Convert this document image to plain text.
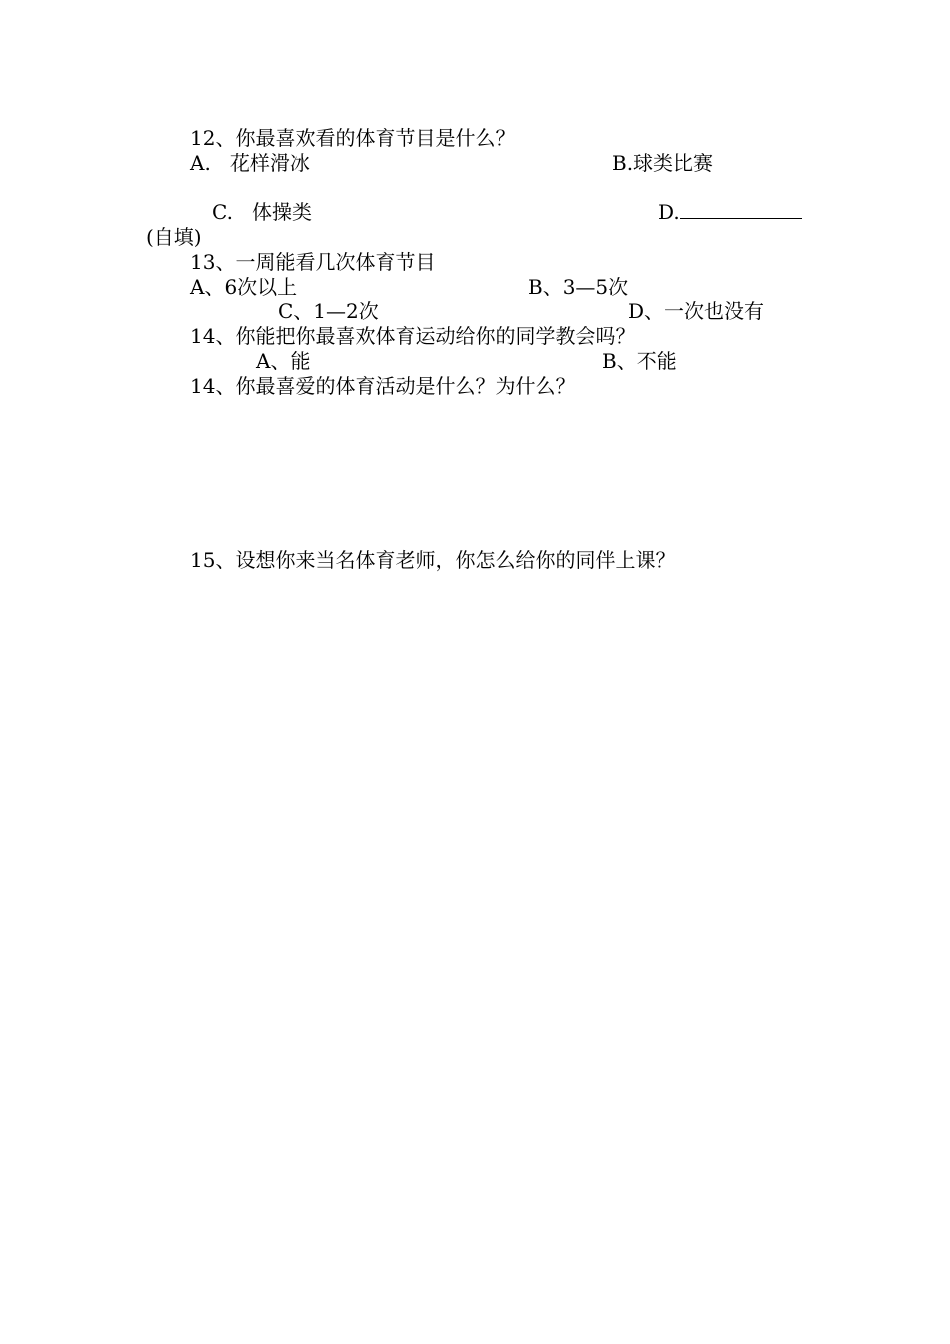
12、你最喜欢看的体育节目是什么？
A.   花样滑冰	B.球类比赛
C.   体操类	D.
(自填)
13、一周能看几次体育节目
A、6次以上	B、3—5次
C、1—2次	D、一次也没有
14、你能把你最喜欢体育运动给你的同学教会吗？
A、能	B、不能
14、你最喜爱的体育活动是什么？为什么？
15、设想你来当名体育老师，你怎么给你的同伴上课？
